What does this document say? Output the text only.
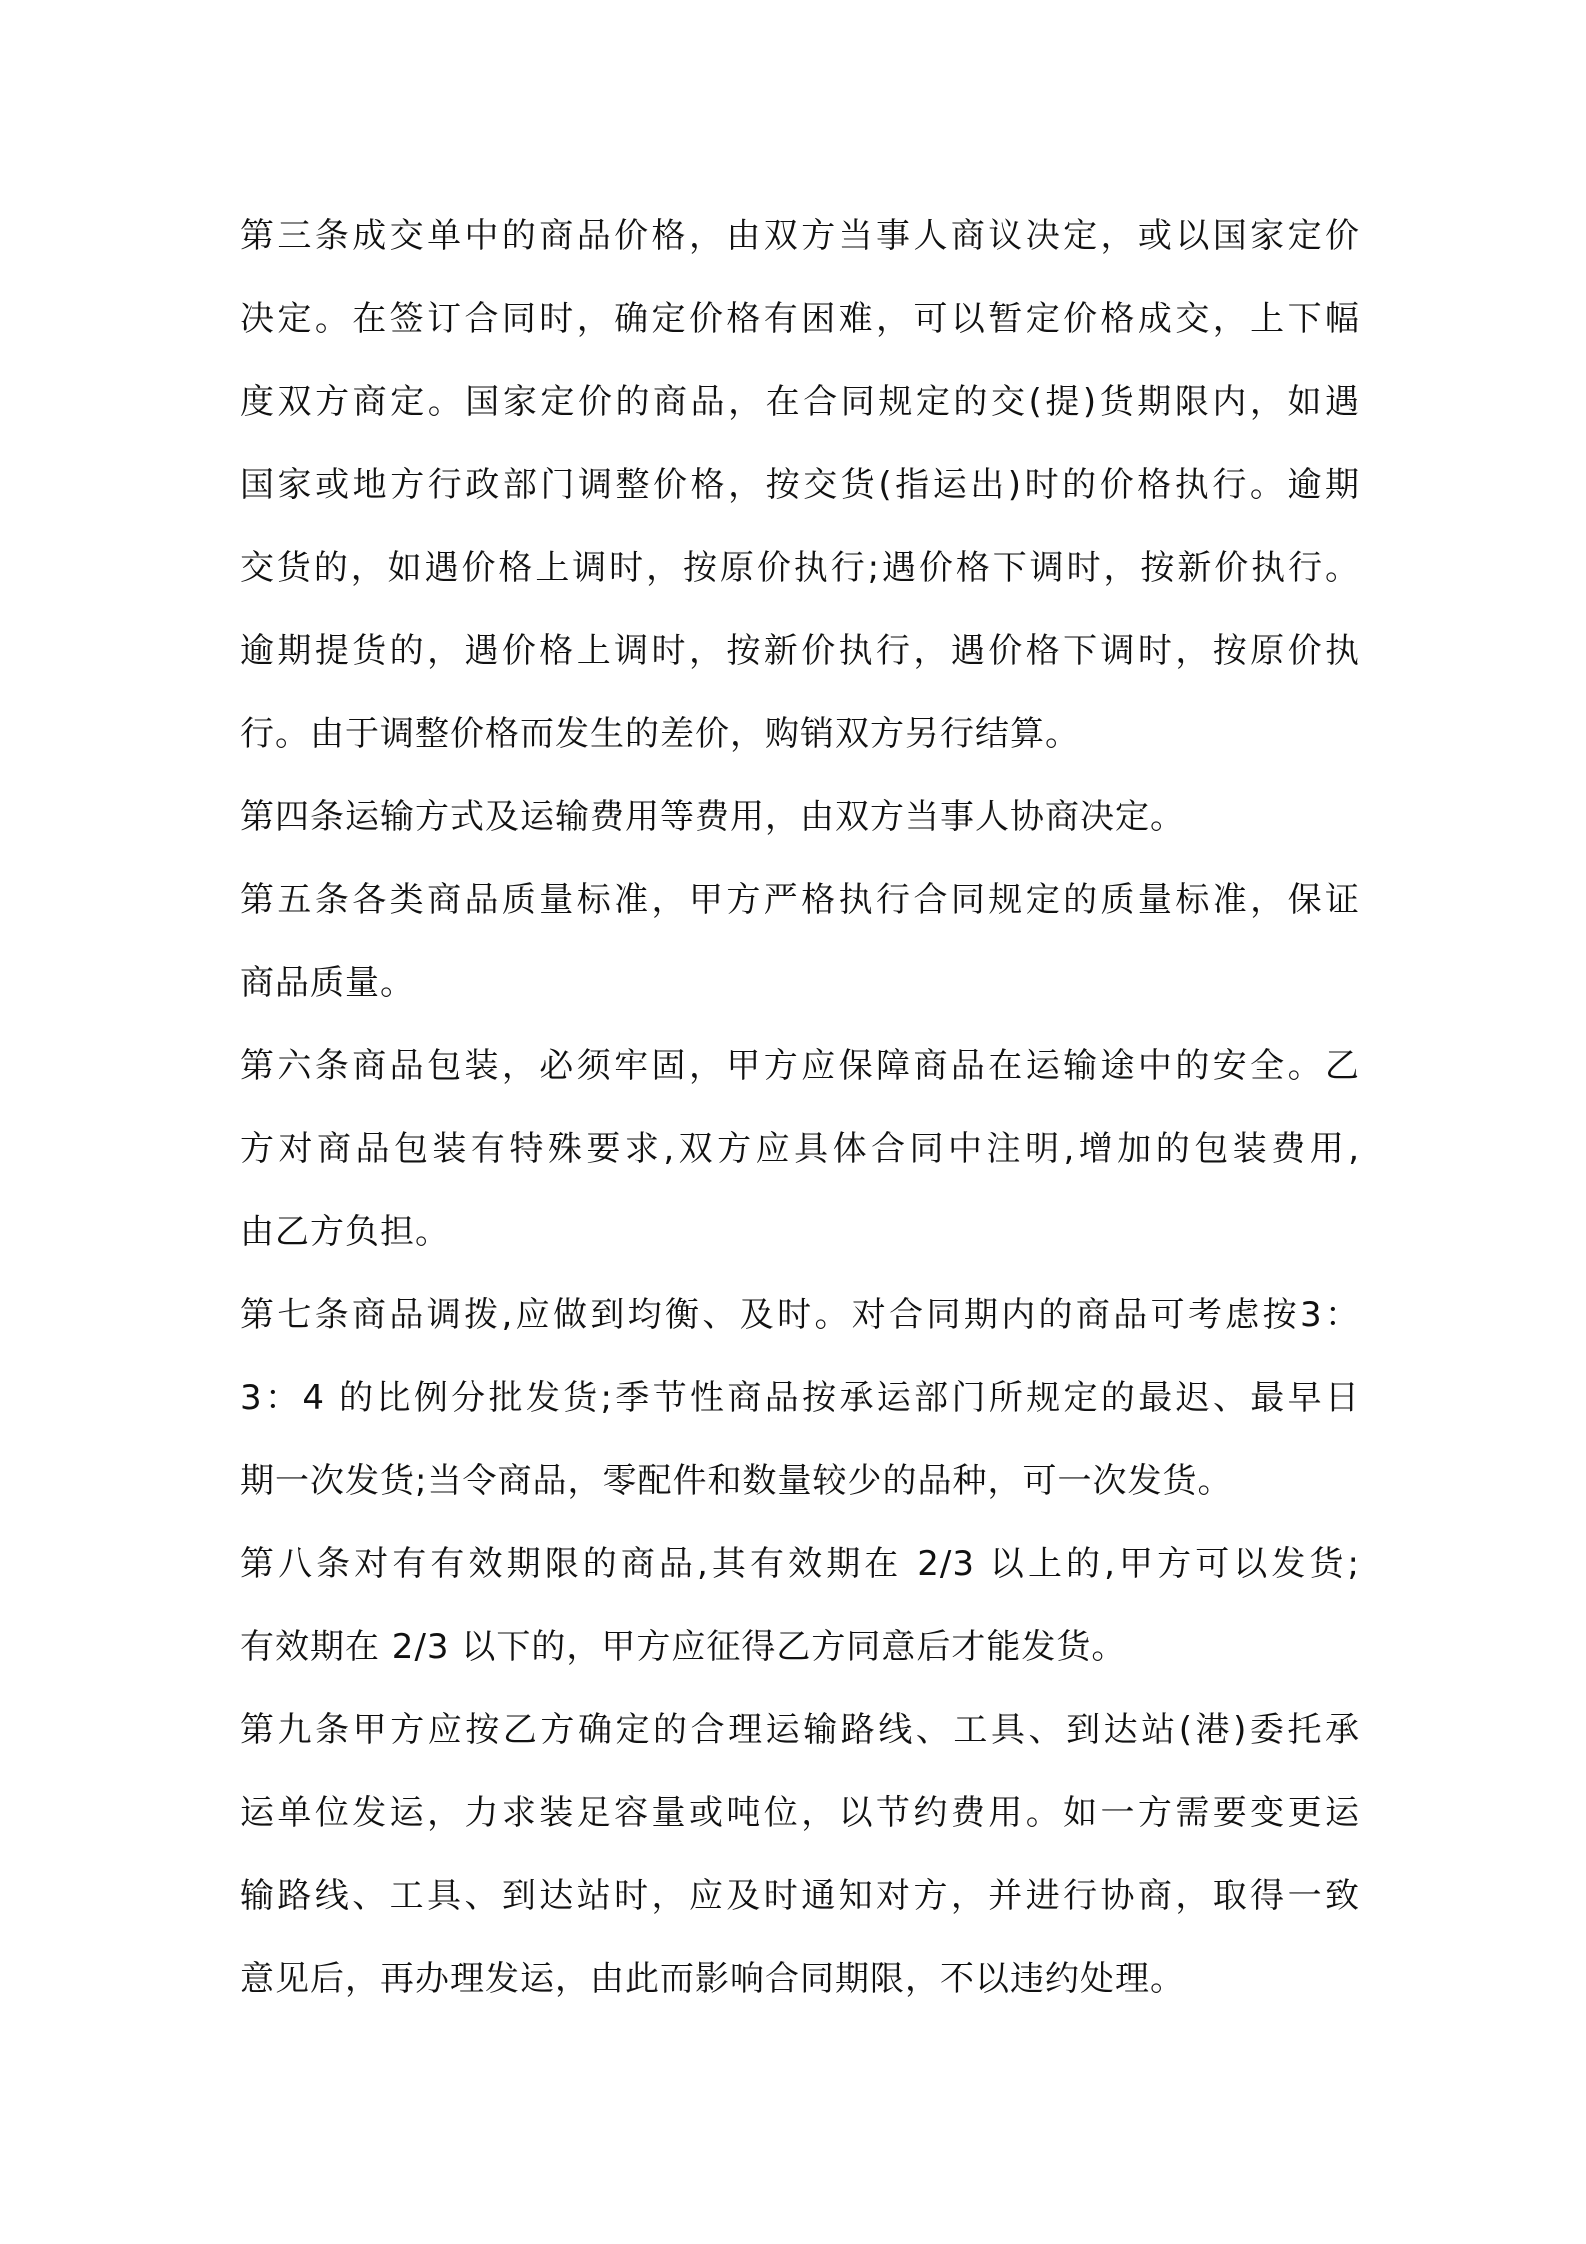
第三条成交单中的商品价格，由双方当事人商议决定，或以国家定价
决定。在签订合同时，确定价格有困难，可以暂定价格成交，上下幅
度双方商定。国家定价的商品，在合同规定的交(提)货期限内，如遇
国家或地方行政部门调整价格，按交货(指运出)时的价格执行。逾期
交货的，如遇价格上调时，按原价执行;遇价格下调时，按新价执行。
逾期提货的，遇价格上调时，按新价执行，遇价格下调时，按原价执
行。由于调整价格而发生的差价，购销双方另行结算。
第四条运输方式及运输费用等费用，由双方当事人协商决定。
第五条各类商品质量标准，甲方严格执行合同规定的质量标准，保证
商品质量。
第六条商品包装，必须牢固，甲方应保障商品在运输途中的安全。乙
方对商品包装有特殊要求,双方应具体合同中注明,增加的包装费用,
由乙方负担。
第七条商品调拨,应做到均衡、及时。对合同期内的商品可考虑按3：
3：4 的比例分批发货;季节性商品按承运部门所规定的最迟、最早日
期一次发货;当令商品，零配件和数量较少的品种，可一次发货。
第八条对有有效期限的商品,其有效期在 2/3 以上的,甲方可以发货;
有效期在 2/3 以下的，甲方应征得乙方同意后才能发货。
第九条甲方应按乙方确定的合理运输路线、工具、到达站(港)委托承
运单位发运，力求装足容量或吨位，以节约费用。如一方需要变更运
输路线、工具、到达站时，应及时通知对方，并进行协商，取得一致
意见后，再办理发运，由此而影响合同期限，不以违约处理。
